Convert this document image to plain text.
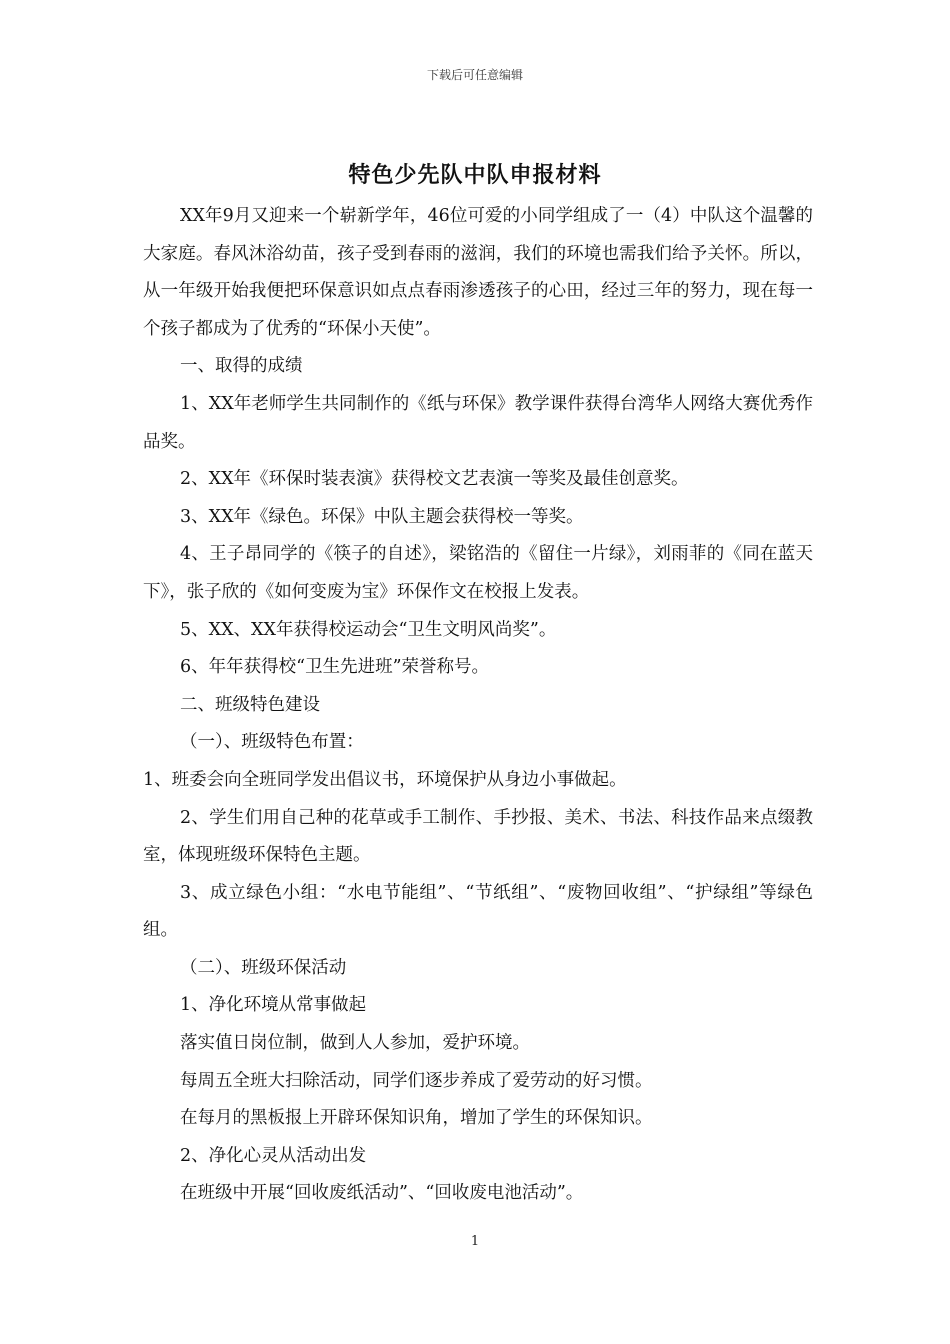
下载后可任意编辑
特色少先队中队申报材料

XX年9月又迎来一个崭新学年，46位可爱的小同学组成了一（4）中队这个温馨的大家庭。春风沐浴幼苗，孩子受到春雨的滋润，我们的环境也需我们给予关怀。所以，从一年级开始我便把环保意识如点点春雨渗透孩子的心田，经过三年的努力，现在每一个孩子都成为了优秀的“环保小天使”。

一、取得的成绩

1、XX年老师学生共同制作的《纸与环保》教学课件获得台湾华人网络大赛优秀作品奖。

2、XX年《环保时装表演》获得校文艺表演一等奖及最佳创意奖。

3、XX年《绿色。环保》中队主题会获得校一等奖。

4、王子昂同学的《筷子的自述》，梁铭浩的《留住一片绿》，刘雨菲的《同在蓝天下》，张子欣的《如何变废为宝》环保作文在校报上发表。

5、XX、XX年获得校运动会“卫生文明风尚奖”。

6、年年获得校“卫生先进班”荣誉称号。

二、班级特色建设

（一）、班级特色布置：

1、班委会向全班同学发出倡议书，环境保护从身边小事做起。

2、学生们用自己种的花草或手工制作、手抄报、美术、书法、科技作品来点缀教室，体现班级环保特色主题。

3、成立绿色小组：“水电节能组”、“节纸组”、“废物回收组”、“护绿组”等绿色组。

（二）、班级环保活动

1、净化环境从常事做起

落实值日岗位制，做到人人参加，爱护环境。

每周五全班大扫除活动，同学们逐步养成了爱劳动的好习惯。

在每月的黑板报上开辟环保知识角，增加了学生的环保知识。

2、净化心灵从活动出发

在班级中开展“回收废纸活动”、“回收废电池活动”。

1
